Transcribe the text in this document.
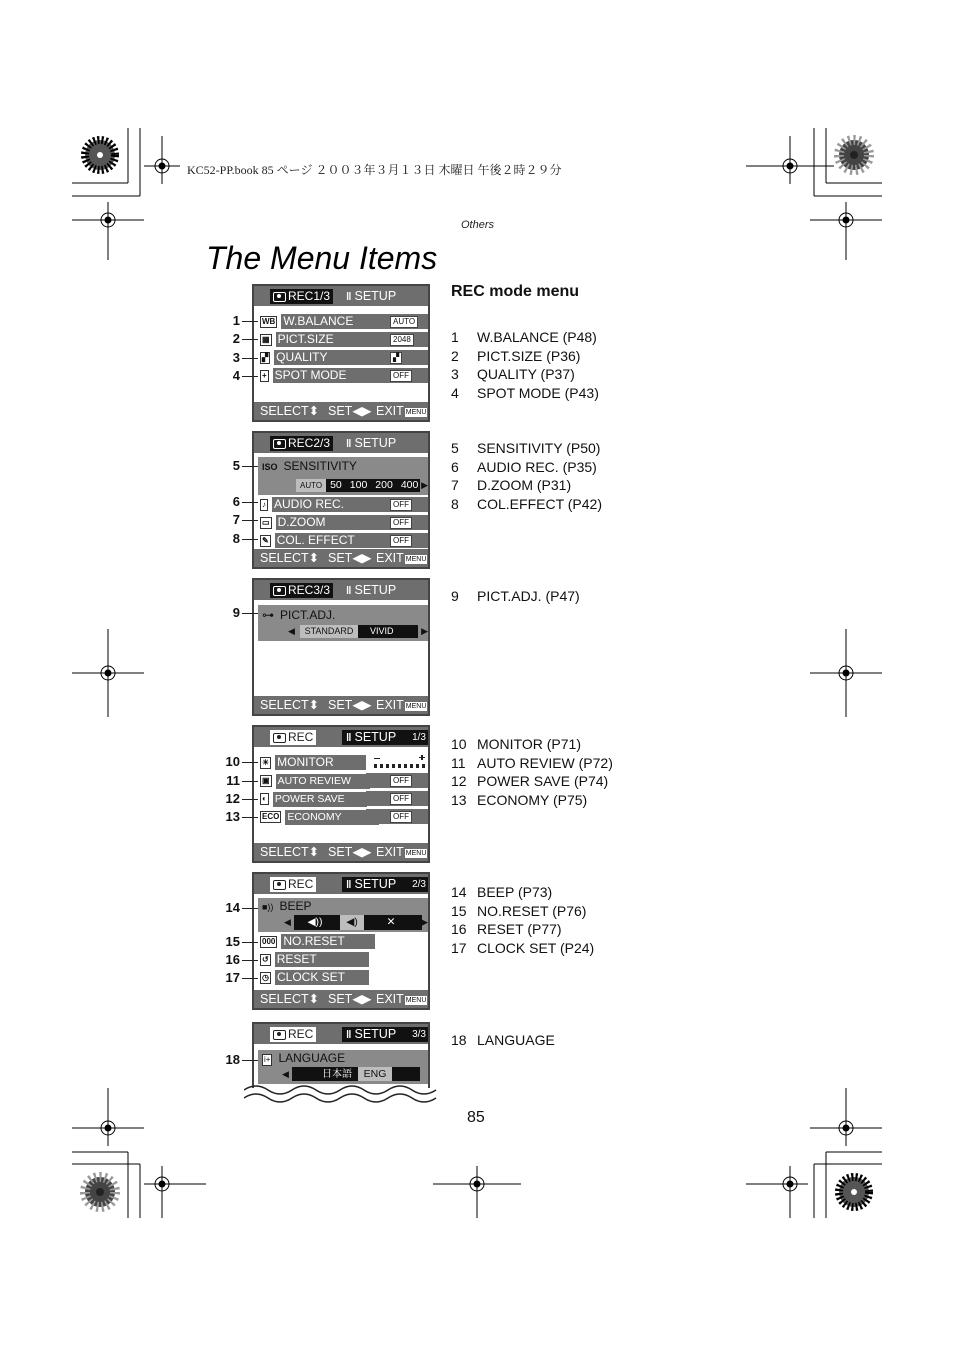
KC52-PP.book 85 ページ ２００３年３月１３日 木曜日 午後２時２９分
Others
The Menu Items
REC mode menu
REC1/3	ǁ SETUP
WB W.BALANCE	AUTO
▦ PICT.SIZE	2048
▞ QUALITY	▞
+ SPOT MODE	OFF
SELECT⬍ SET◀▶ EXIT MENU
REC2/3	ǁ SETUP
ISO SENSITIVITY
AUTO 50 100 200 400 ▶
♪ AUDIO REC.	OFF
▭ D.ZOOM	OFF
✎ COL. EFFECT	OFF
SELECT⬍ SET◀▶ EXIT MENU
REC3/3	ǁ SETUP
⊶ PICT.ADJ.
◀	STANDARD VIVID	▶
SELECT⬍ SET◀▶ EXIT MENU
REC	ǁ SETUP 1/3
☀ MONITOR
▣ AUTO REVIEW	OFF
◐ POWER SAVE	OFF
ECO ECONOMY	OFF
SELECT⬍ SET◀▶ EXIT MENU
REC	ǁ SETUP 2/3
■)) BEEP
◀	◀)) ◀)	✕	▶
000 NO.RESET
↺ RESET
◷ CLOCK SET
SELECT⬍ SET◀▶ EXIT MENU
REC	ǁ SETUP 3/3
i+ LANGUAGE
◀	日本語 ENG
1
2
3
4
5
6
7
8
9
10
11
12
13
14
15
16
17
18
1	W.BALANCE (P48)
2	PICT.SIZE (P36)
3	QUALITY (P37)
4	SPOT MODE (P43)
5	SENSITIVITY (P50)
6	AUDIO REC. (P35)
7	D.ZOOM (P31)
8	COL.EFFECT (P42)
9	PICT.ADJ. (P47)
10 MONITOR (P71)
11 AUTO REVIEW (P72)
12 POWER SAVE (P74)
13 ECONOMY (P75)
14 BEEP (P73)
15 NO.RESET (P76)
16 RESET (P77)
17 CLOCK SET (P24)
18 LANGUAGE
85
